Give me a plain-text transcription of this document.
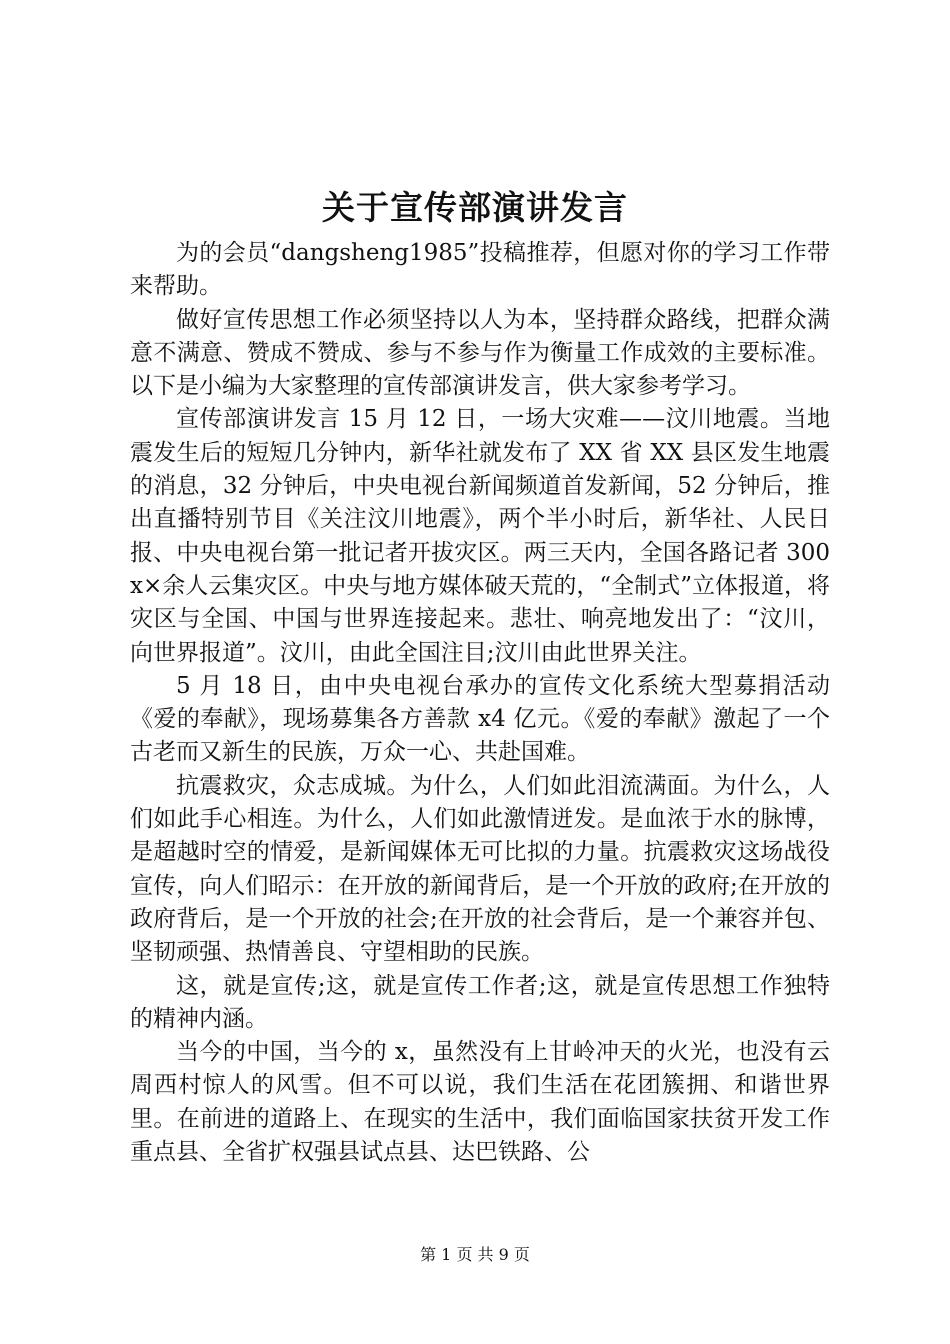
关于宣传部演讲发言

为的会员“dangsheng1985”投稿推荐，但愿对你的学习工作带来帮助。

做好宣传思想工作必须坚持以人为本，坚持群众路线，把群众满意不满意、赞成不赞成、参与不参与作为衡量工作成效的主要标准。以下是小编为大家整理的宣传部演讲发言，供大家参考学习。

宣传部演讲发言 15 月 12 日，一场大灾难——汶川地震。当地震发生后的短短几分钟内，新华社就发布了 XX 省 XX 县区发生地震的消息，32 分钟后，中央电视台新闻频道首发新闻，52 分钟后，推出直播特别节目《关注汶川地震》，两个半小时后，新华社、人民日报、中央电视台第一批记者开拔灾区。两三天内，全国各路记者 300x×余人云集灾区。中央与地方媒体破天荒的，“全制式”立体报道，将灾区与全国、中国与世界连接起来。悲壮、响亮地发出了：“汶川，向世界报道”。汶川，由此全国注目;汶川由此世界关注。

5 月 18 日，由中央电视台承办的宣传文化系统大型募捐活动《爱的奉献》，现场募集各方善款 x4 亿元。《爱的奉献》激起了一个古老而又新生的民族，万众一心、共赴国难。

抗震救灾，众志成城。为什么，人们如此泪流满面。为什么，人们如此手心相连。为什么，人们如此激情迸发。是血浓于水的脉博，是超越时空的情爱，是新闻媒体无可比拟的力量。抗震救灾这场战役宣传，向人们昭示：在开放的新闻背后，是一个开放的政府;在开放的政府背后，是一个开放的社会;在开放的社会背后，是一个兼容并包、坚韧顽强、热情善良、守望相助的民族。

这，就是宣传;这，就是宣传工作者;这，就是宣传思想工作独特的精神内涵。

当今的中国，当今的 x，虽然没有上甘岭冲天的火光，也没有云周西村惊人的风雪。但不可以说，我们生活在花团簇拥、和谐世界里。在前进的道路上、在现实的生活中，我们面临国家扶贫开发工作重点县、全省扩权强县试点县、达巴铁路、公

第 1 页 共 9 页
